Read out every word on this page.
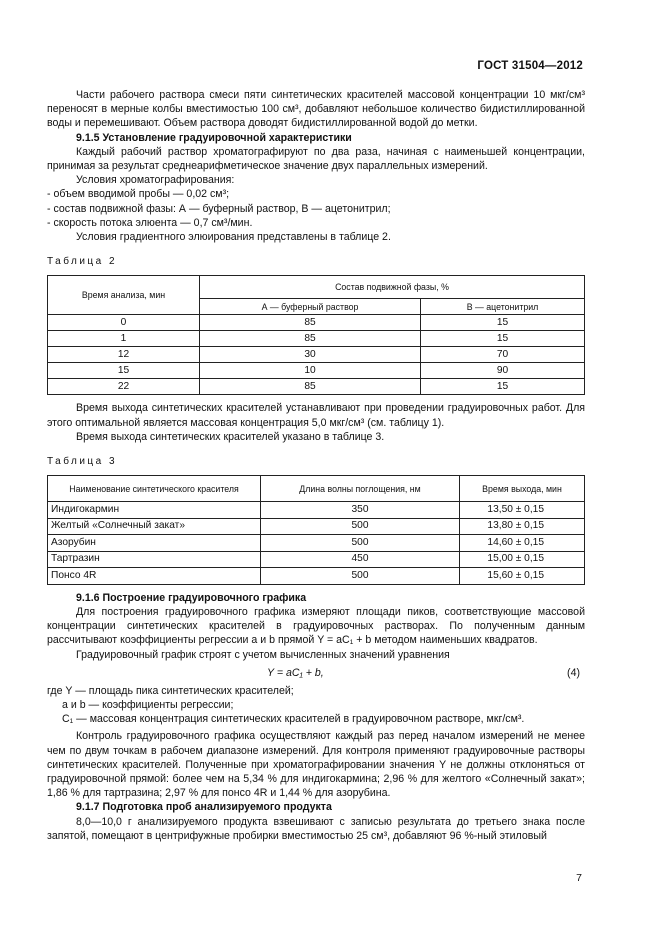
ГОСТ 31504—2012

Части рабочего раствора смеси пяти синтетических красителей массовой концентрации 10 мкг/см³ переносят в мерные колбы вместимостью 100 см³, добавляют небольшое количество бидистиллированной воды и перемешивают. Объем раствора доводят бидистиллированной водой до метки.

9.1.5 Установление градуировочной характеристики

Каждый рабочий раствор хроматографируют по два раза, начиная с наименьшей концентрации, принимая за результат среднеарифметическое значение двух параллельных измерений.

Условия хроматографирования:

- объем вводимой пробы — 0,02 см³;

- состав подвижной фазы: А — буферный раствор, В — ацетонитрил;

- скорость потока элюента — 0,7 см³/мин.

Условия градиентного элюирования представлены в таблице 2.

Таблица 2

Время анализа, мин	Состав подвижной фазы, %	
	А — буферный раствор	В — ацетонитрил
0	85	15
1	85	15
12	30	70
15	10	90
22	85	15

Время выхода синтетических красителей устанавливают при проведении градуировочных работ. Для этого оптимальной является массовая концентрация 5,0 мкг/см³ (см. таблицу 1).

Время выхода синтетических красителей указано в таблице 3.

Таблица 3

Наименование синтетического красителя	Длина волны поглощения, нм	Время выхода, мин
Индигокармин	350	13,50 ± 0,15
Желтый «Солнечный закат»	500	13,80 ± 0,15
Азорубин	500	14,60 ± 0,15
Тартразин	450	15,00 ± 0,15
Понсо 4R	500	15,60 ± 0,15

9.1.6 Построение градуировочного графика

Для построения градуировочного графика измеряют площади пиков, соответствующие массовой концентрации синтетических красителей в градуировочных растворах. По полученным данным рассчитывают коэффициенты регрессии a и b прямой Y = aC₁ + b методом наименьших квадратов.

Градуировочный график строят с учетом вычисленных значений уравнения

Y = aC₁ + b,	(4)

где Y — площадь пика синтетических красителей;

a и b — коэффициенты регрессии;

C₁ — массовая концентрация синтетических красителей в градуировочном растворе, мкг/см³.

Контроль градуировочного графика осуществляют каждый раз перед началом измерений не менее чем по двум точкам в рабочем диапазоне измерений. Для контроля применяют градуировочные растворы синтетических красителей. Полученные при хроматографировании значения Y не должны отклоняться от градуировочной прямой: более чем на 5,34 % для индигокармина; 2,96 % для желтого «Солнечный закат»; 1,86 % для тартразина; 2,97 % для понсо 4R и 1,44 % для азорубина.

9.1.7 Подготовка проб анализируемого продукта

8,0—10,0 г анализируемого продукта взвешивают с записью результата до третьего знака после запятой, помещают в центрифужные пробирки вместимостью 25 см³, добавляют 96 %-ный этиловый

7
